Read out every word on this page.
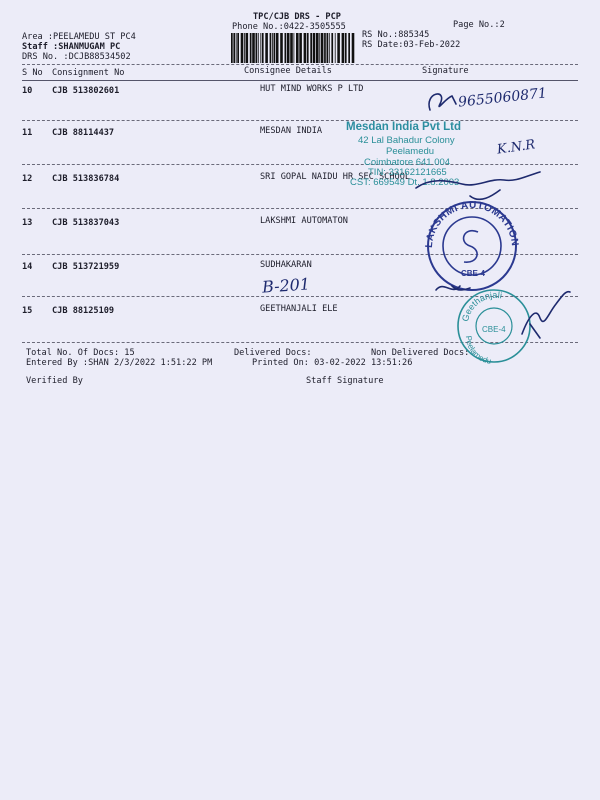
TPC/CJB DRS - PCP
Phone No.:0422-3505555	Page No.:2
Area :PEELAMEDU ST PC4
Staff :SHANMUGAM PC
DRS No. :DCJB88534502
RS No.:885345
RS Date:03-Feb-2022
S No Consignment No	Consignee Details	Signature
10 CJB 513802601	HUT MIND WORKS P LTD
11 CJB 88114437	MESDAN INDIA
12 CJB 513836784	SRI GOPAL NAIDU HR SEC SCHOOL
13 CJB 513837043	LAKSHMI AUTOMATON
14 CJB 513721959	SUDHAKARAN
15 CJB 88125109	GEETHANJALI ELE
Total No. Of Docs: 15	Delivered Docs:	Non Delivered Docs:
Entered By :SHAN 2/3/2022 1:51:22 PM	Printed On: 03-02-2022 13:51:26
Verified By	Staff Signature
Mesdan India Pvt Ltd
42 Lal Bahadur Colony
Peelamedu
Coimbatore 641 004
TIN: 33162121665
CST: 669549 Dt. 1.8.2003
9655060871
K.N.R
B-201
LAKSHMI AUTOMATION
CBE-4
Geethanjali
Peelamedu
CBE-4
